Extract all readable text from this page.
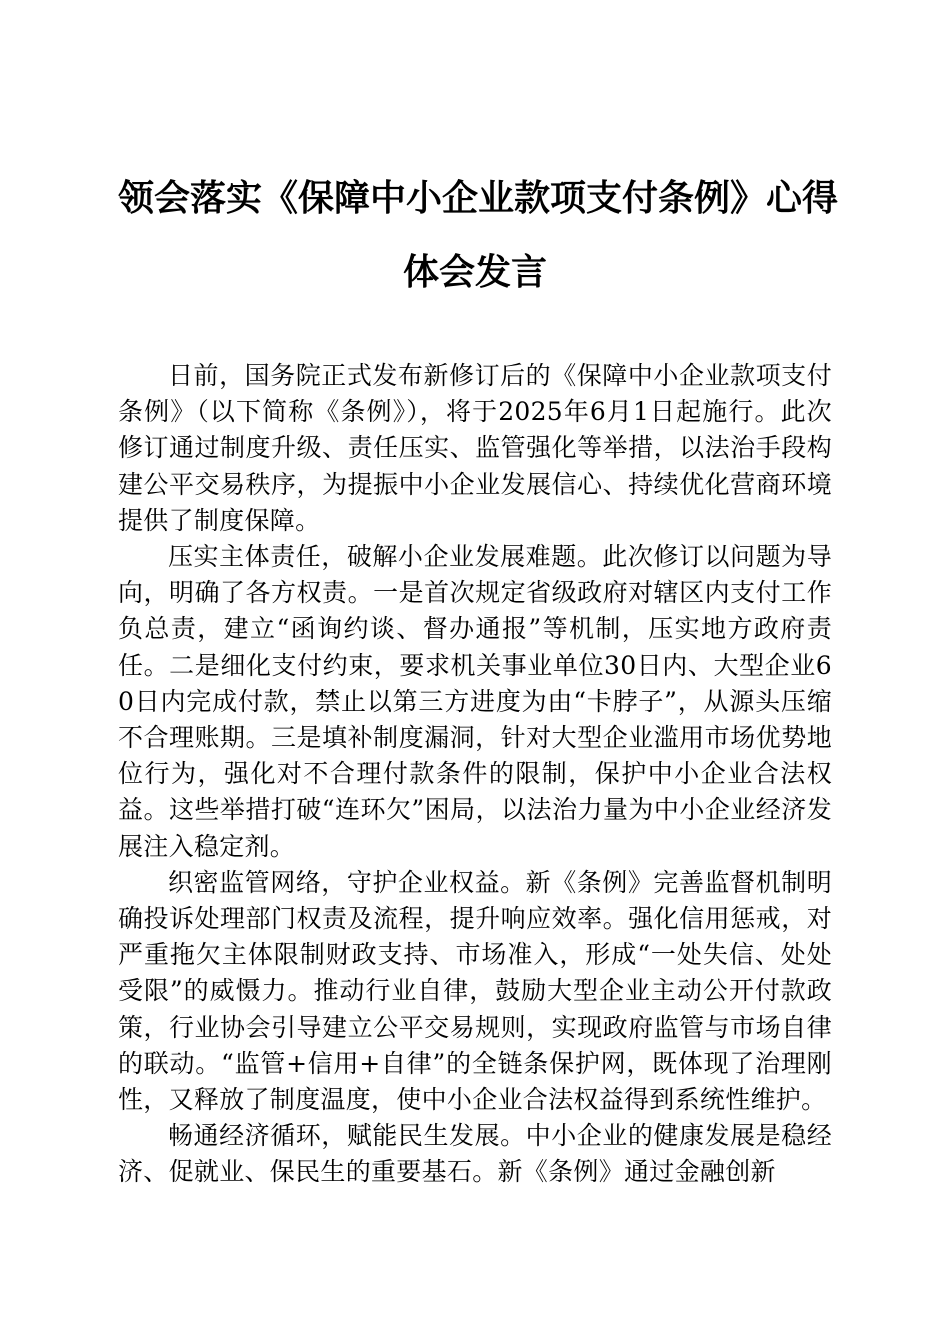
领会落实《保障中小企业款项支付条例》心得
体会发言

日前，国务院正式发布新修订后的《保障中小企业款项支付条例》（以下简称《条例》），将于2025年6月1日起施行。此次修订通过制度升级、责任压实、监管强化等举措，以法治手段构建公平交易秩序，为提振中小企业发展信心、持续优化营商环境提供了制度保障。

压实主体责任，破解小企业发展难题。此次修订以问题为导向，明确了各方权责。一是首次规定省级政府对辖区内支付工作负总责，建立“函询约谈、督办通报”等机制，压实地方政府责任。二是细化支付约束，要求机关事业单位30日内、大型企业60日内完成付款，禁止以第三方进度为由“卡脖子”，从源头压缩不合理账期。三是填补制度漏洞，针对大型企业滥用市场优势地位行为，强化对不合理付款条件的限制，保护中小企业合法权益。这些举措打破“连环欠”困局，以法治力量为中小企业经济发展注入稳定剂。

织密监管网络，守护企业权益。新《条例》完善监督机制明确投诉处理部门权责及流程，提升响应效率。强化信用惩戒，对严重拖欠主体限制财政支持、市场准入，形成“一处失信、处处受限”的威慑力。推动行业自律，鼓励大型企业主动公开付款政策，行业协会引导建立公平交易规则，实现政府监管与市场自律的联动。“监管+信用+自律”的全链条保护网，既体现了治理刚性，又释放了制度温度，使中小企业合法权益得到系统性维护。

畅通经济循环，赋能民生发展。中小企业的健康发展是稳经济、促就业、保民生的重要基石。新《条例》通过金融创新
